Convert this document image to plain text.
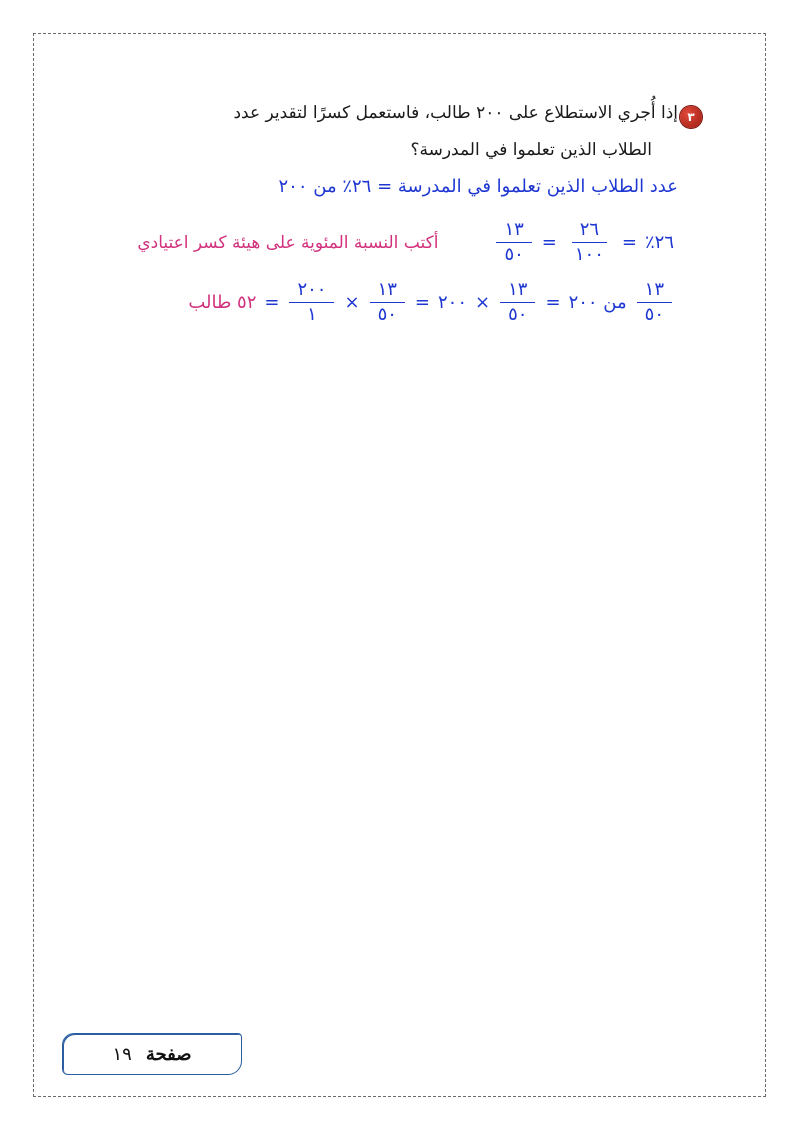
٣
إذا أُجري الاستطلاع على ٢٠٠ طالب، فاستعمل كسرًا لتقدير عدد
الطلاب الذين تعلموا في المدرسة؟
عدد الطلاب الذين تعلموا في المدرسة = ٢٦٪ من ٢٠٠
٢٦٪
=
$\frac{٢٦}{١٠٠}$
=
$\frac{١٣}{٥٠}$
أكتب النسبة المئوية على هيئة كسر اعتيادي
$\frac{١٣}{٥٠}$
من ٢٠٠
=
$\frac{١٣}{٥٠}$
×
٢٠٠
=
$\frac{١٣}{٥٠}$
×
$\frac{٢٠٠}{١}$
=
٥٢ طالب
صفحة
١٩
